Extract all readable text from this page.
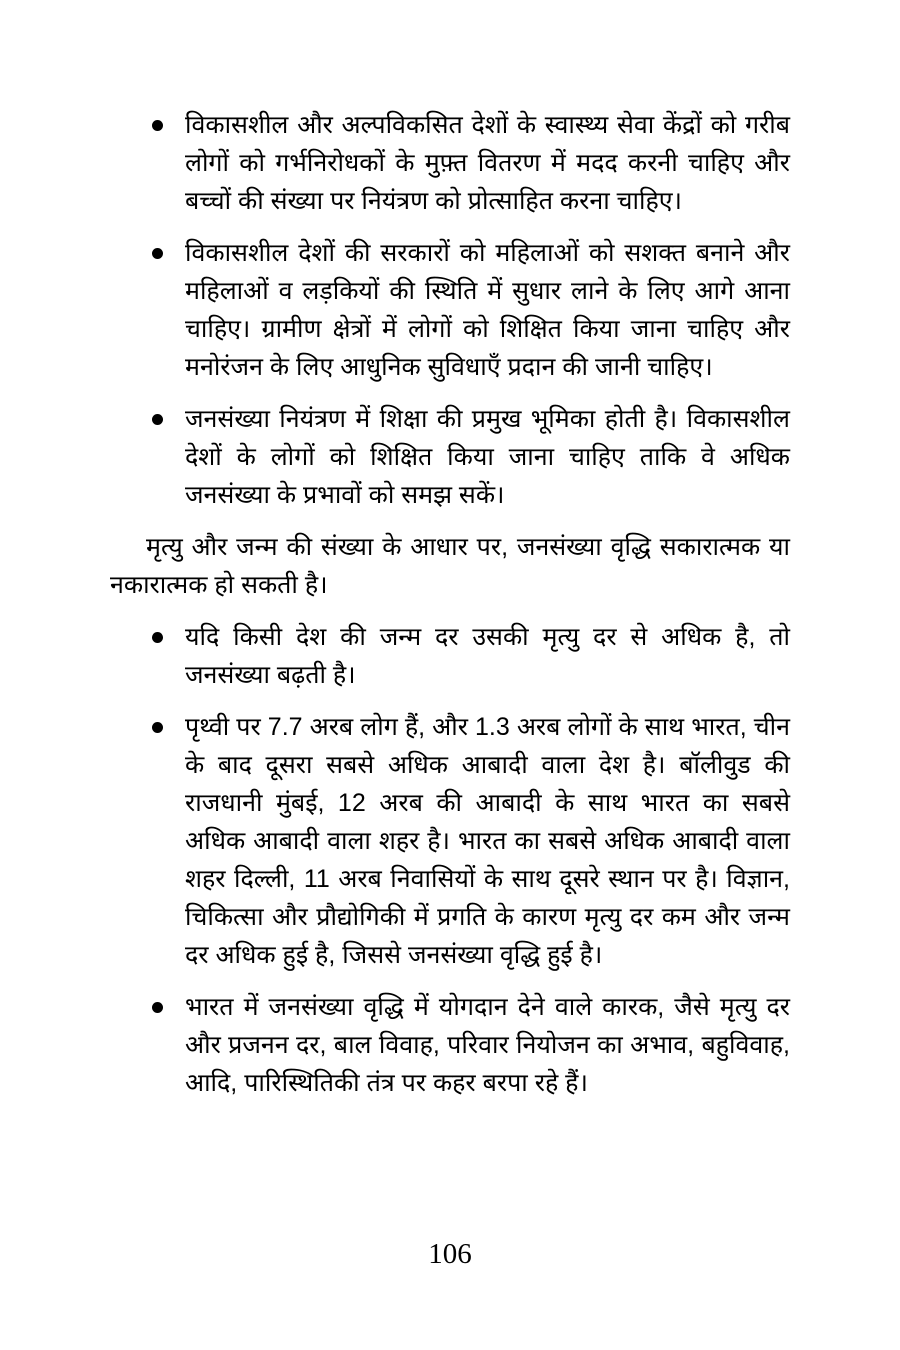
विकासशील और अल्पविकसित देशों के स्वास्थ्य सेवा केंद्रों को गरीब लोगों को गर्भनिरोधकों के मुफ़्त वितरण में मदद करनी चाहिए और बच्चों की संख्या पर नियंत्रण को प्रोत्साहित करना चाहिए।
विकासशील देशों की सरकारों को महिलाओं को सशक्त बनाने और महिलाओं व लड़कियों की स्थिति में सुधार लाने के लिए आगे आना चाहिए। ग्रामीण क्षेत्रों में लोगों को शिक्षित किया जाना चाहिए और मनोरंजन के लिए आधुनिक सुविधाएँ प्रदान की जानी चाहिए।
जनसंख्या नियंत्रण में शिक्षा की प्रमुख भूमिका होती है। विकासशील देशों के लोगों को शिक्षित किया जाना चाहिए ताकि वे अधिक जनसंख्या के प्रभावों को समझ सकें।

मृत्यु और जन्म की संख्या के आधार पर, जनसंख्या वृद्धि सकारात्मक या नकारात्मक हो सकती है।

यदि किसी देश की जन्म दर उसकी मृत्यु दर से अधिक है, तो जनसंख्या बढ़ती है।
पृथ्वी पर 7.7 अरब लोग हैं, और 1.3 अरब लोगों के साथ भारत, चीन के बाद दूसरा सबसे अधिक आबादी वाला देश है। बॉलीवुड की राजधानी मुंबई, 12 अरब की आबादी के साथ भारत का सबसे अधिक आबादी वाला शहर है। भारत का सबसे अधिक आबादी वाला शहर दिल्ली, 11 अरब निवासियों के साथ दूसरे स्थान पर है। विज्ञान, चिकित्सा और प्रौद्योगिकी में प्रगति के कारण मृत्यु दर कम और जन्म दर अधिक हुई है, जिससे जनसंख्या वृद्धि हुई है।
भारत में जनसंख्या वृद्धि में योगदान देने वाले कारक, जैसे मृत्यु दर और प्रजनन दर, बाल विवाह, परिवार नियोजन का अभाव, बहुविवाह, आदि, पारिस्थितिकी तंत्र पर कहर बरपा रहे हैं।
106
